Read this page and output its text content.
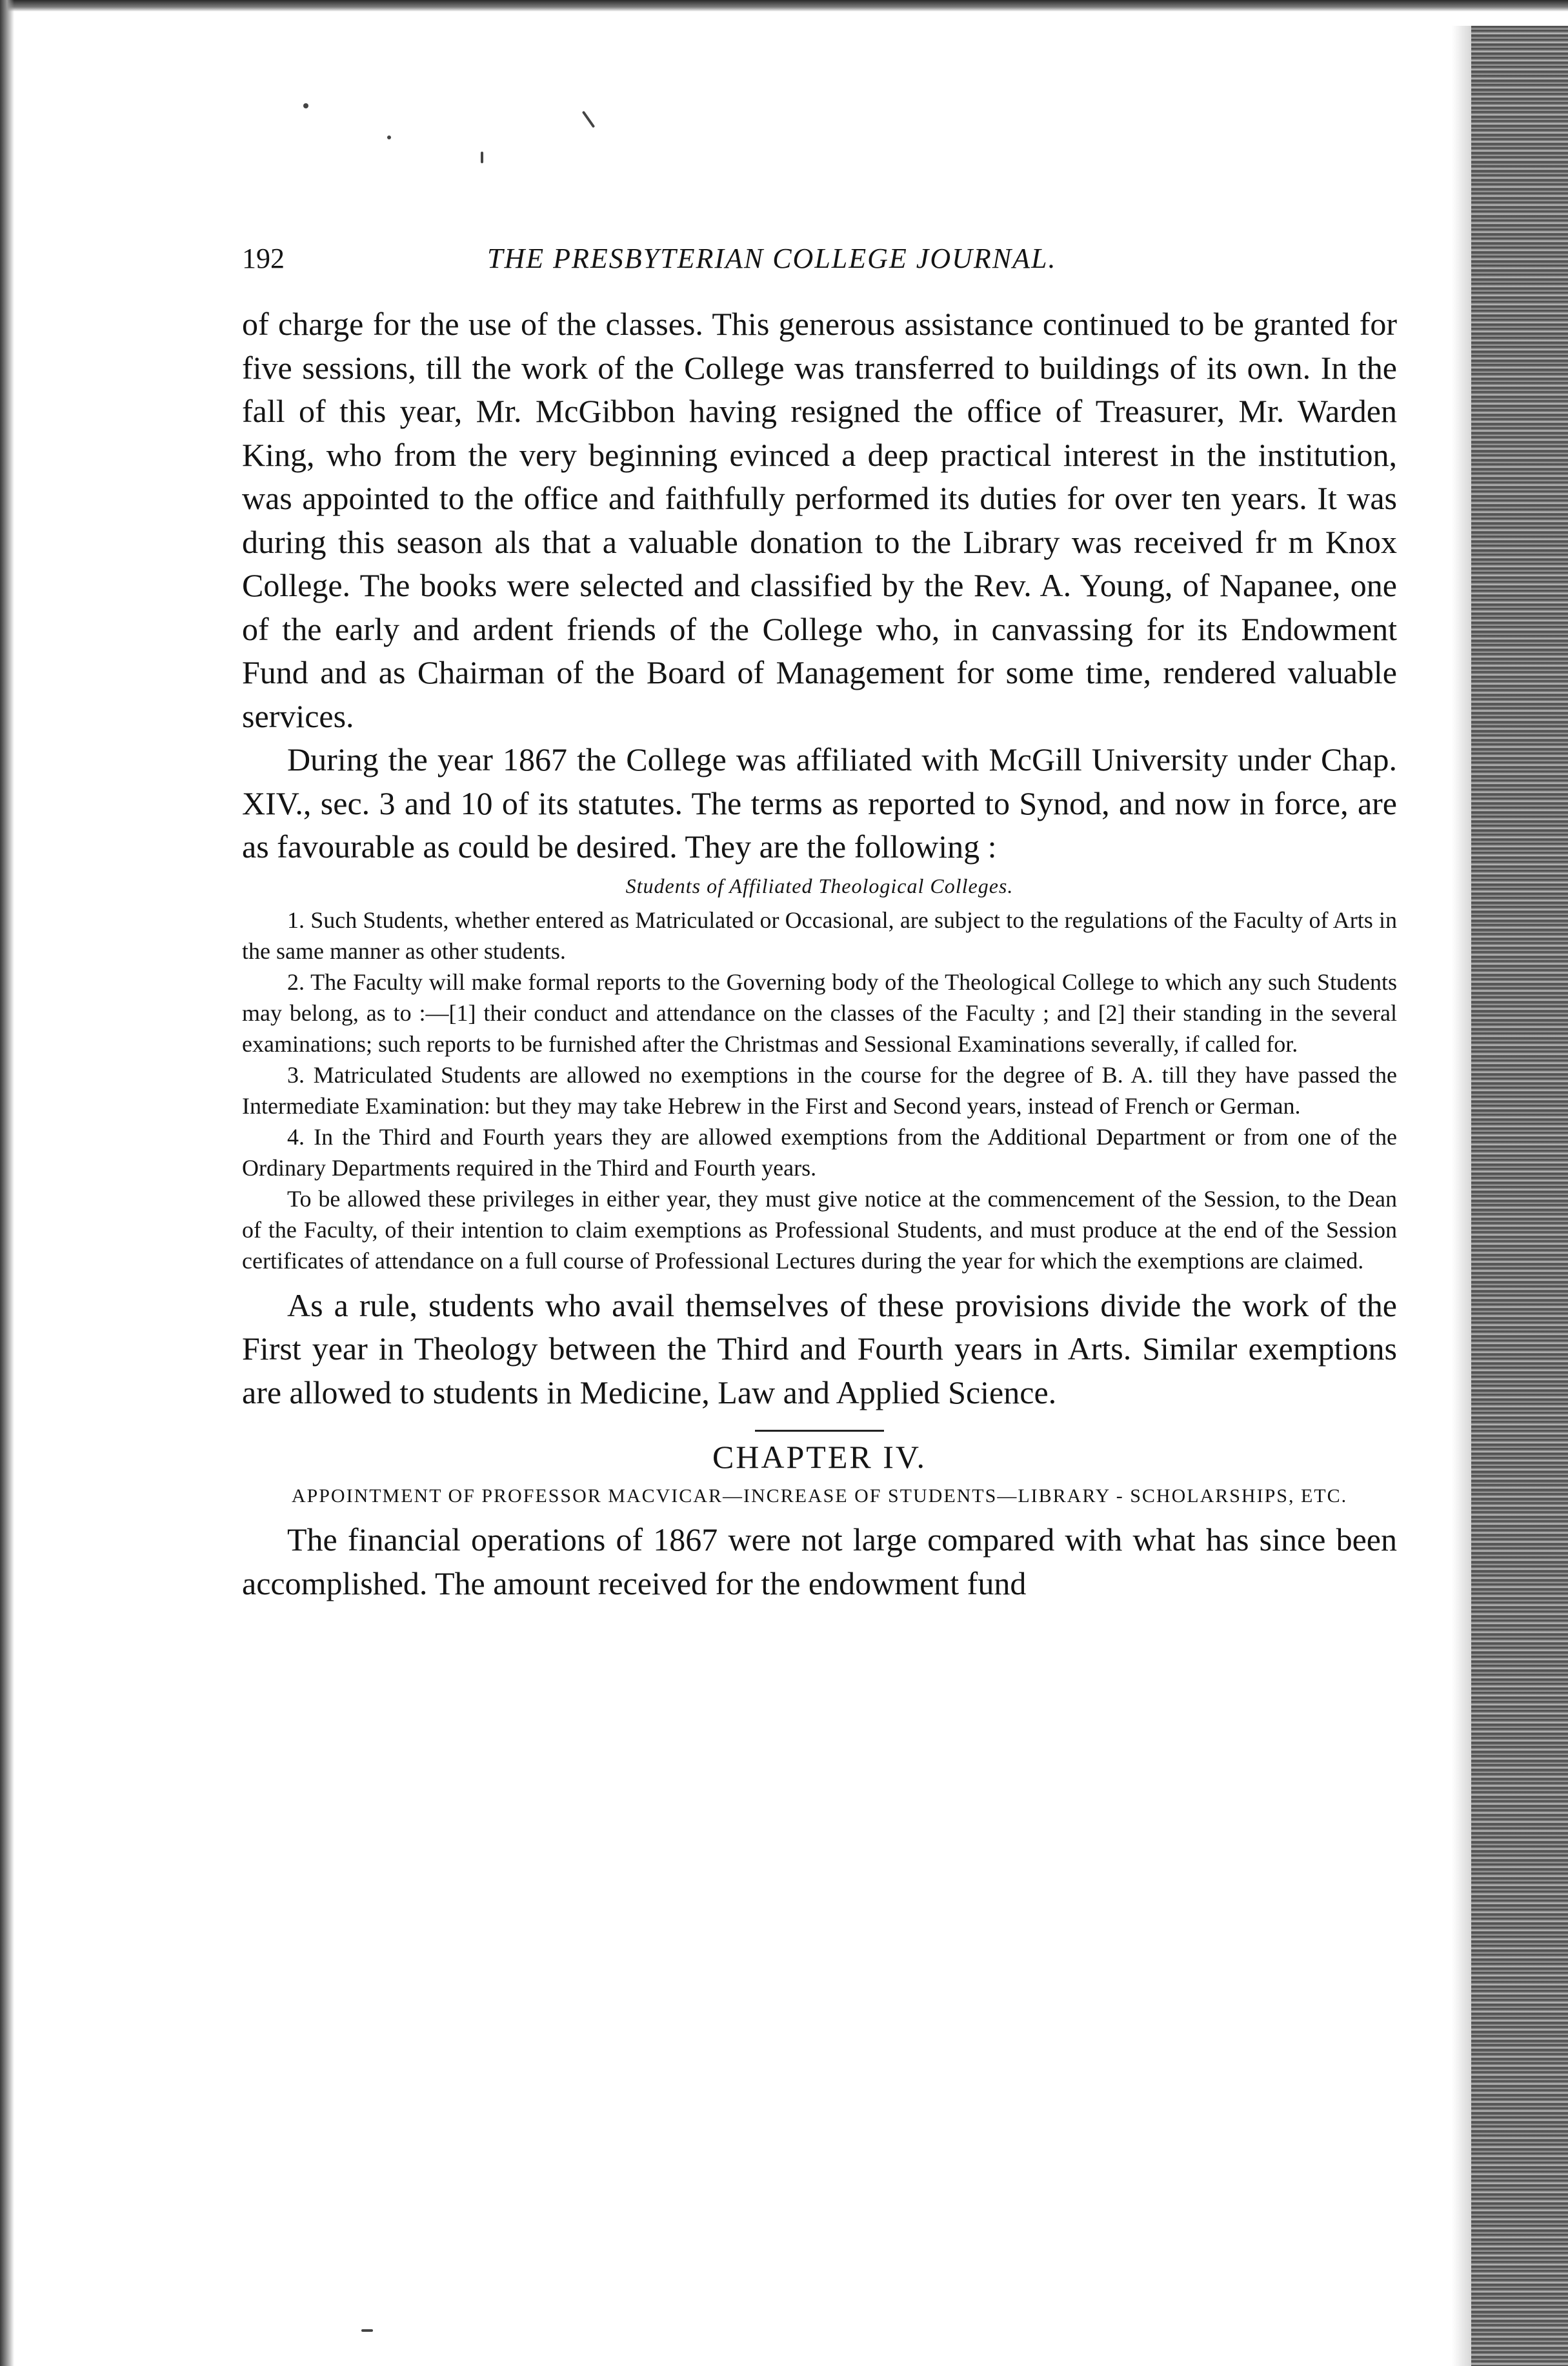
192	THE PRESBYTERIAN COLLEGE JOURNAL.

of charge for the use of the classes. This generous assistance continued to be granted for five sessions, till the work of the College was transferred to buildings of its own. In the fall of this year, Mr. McGibbon having resigned the office of Treasurer, Mr. Warden King, who from the very beginning evinced a deep practical interest in the institution, was appointed to the office and faithfully performed its duties for over ten years. It was during this season als that a valuable donation to the Library was received fr m Knox College. The books were selected and classified by the Rev. A. Young, of Napanee, one of the early and ardent friends of the College who, in canvassing for its Endowment Fund and as Chairman of the Board of Management for some time, rendered valuable services.

During the year 1867 the College was affiliated with McGill University under Chap. XIV., sec. 3 and 10 of its statutes. The terms as reported to Synod, and now in force, are as favourable as could be desired. They are the following :

Students of Affiliated Theological Colleges.

1. Such Students, whether entered as Matriculated or Occasional, are subject to the regulations of the Faculty of Arts in the same manner as other students.

2. The Faculty will make formal reports to the Governing body of the Theological College to which any such Students may belong, as to :—[1] their conduct and attendance on the classes of the Faculty ; and [2] their standing in the several examinations; such reports to be furnished after the Christmas and Sessional Examinations severally, if called for.

3. Matriculated Students are allowed no exemptions in the course for the degree of B. A. till they have passed the Intermediate Examination: but they may take Hebrew in the First and Second years, instead of French or German.

4. In the Third and Fourth years they are allowed exemptions from the Additional Department or from one of the Ordinary Departments required in the Third and Fourth years.

To be allowed these privileges in either year, they must give notice at the commencement of the Session, to the Dean of the Faculty, of their intention to claim exemptions as Professional Students, and must produce at the end of the Session certificates of attendance on a full course of Professional Lectures during the year for which the exemptions are claimed.

As a rule, students who avail themselves of these provisions divide the work of the First year in Theology between the Third and Fourth years in Arts. Similar exemptions are allowed to students in Medicine, Law and Applied Science.

CHAPTER IV.
APPOINTMENT OF PROFESSOR MACVICAR—INCREASE OF STUDENTS—LIBRARY - SCHOLARSHIPS, ETC.

The financial operations of 1867 were not large compared with what has since been accomplished. The amount received for the endowment fund
